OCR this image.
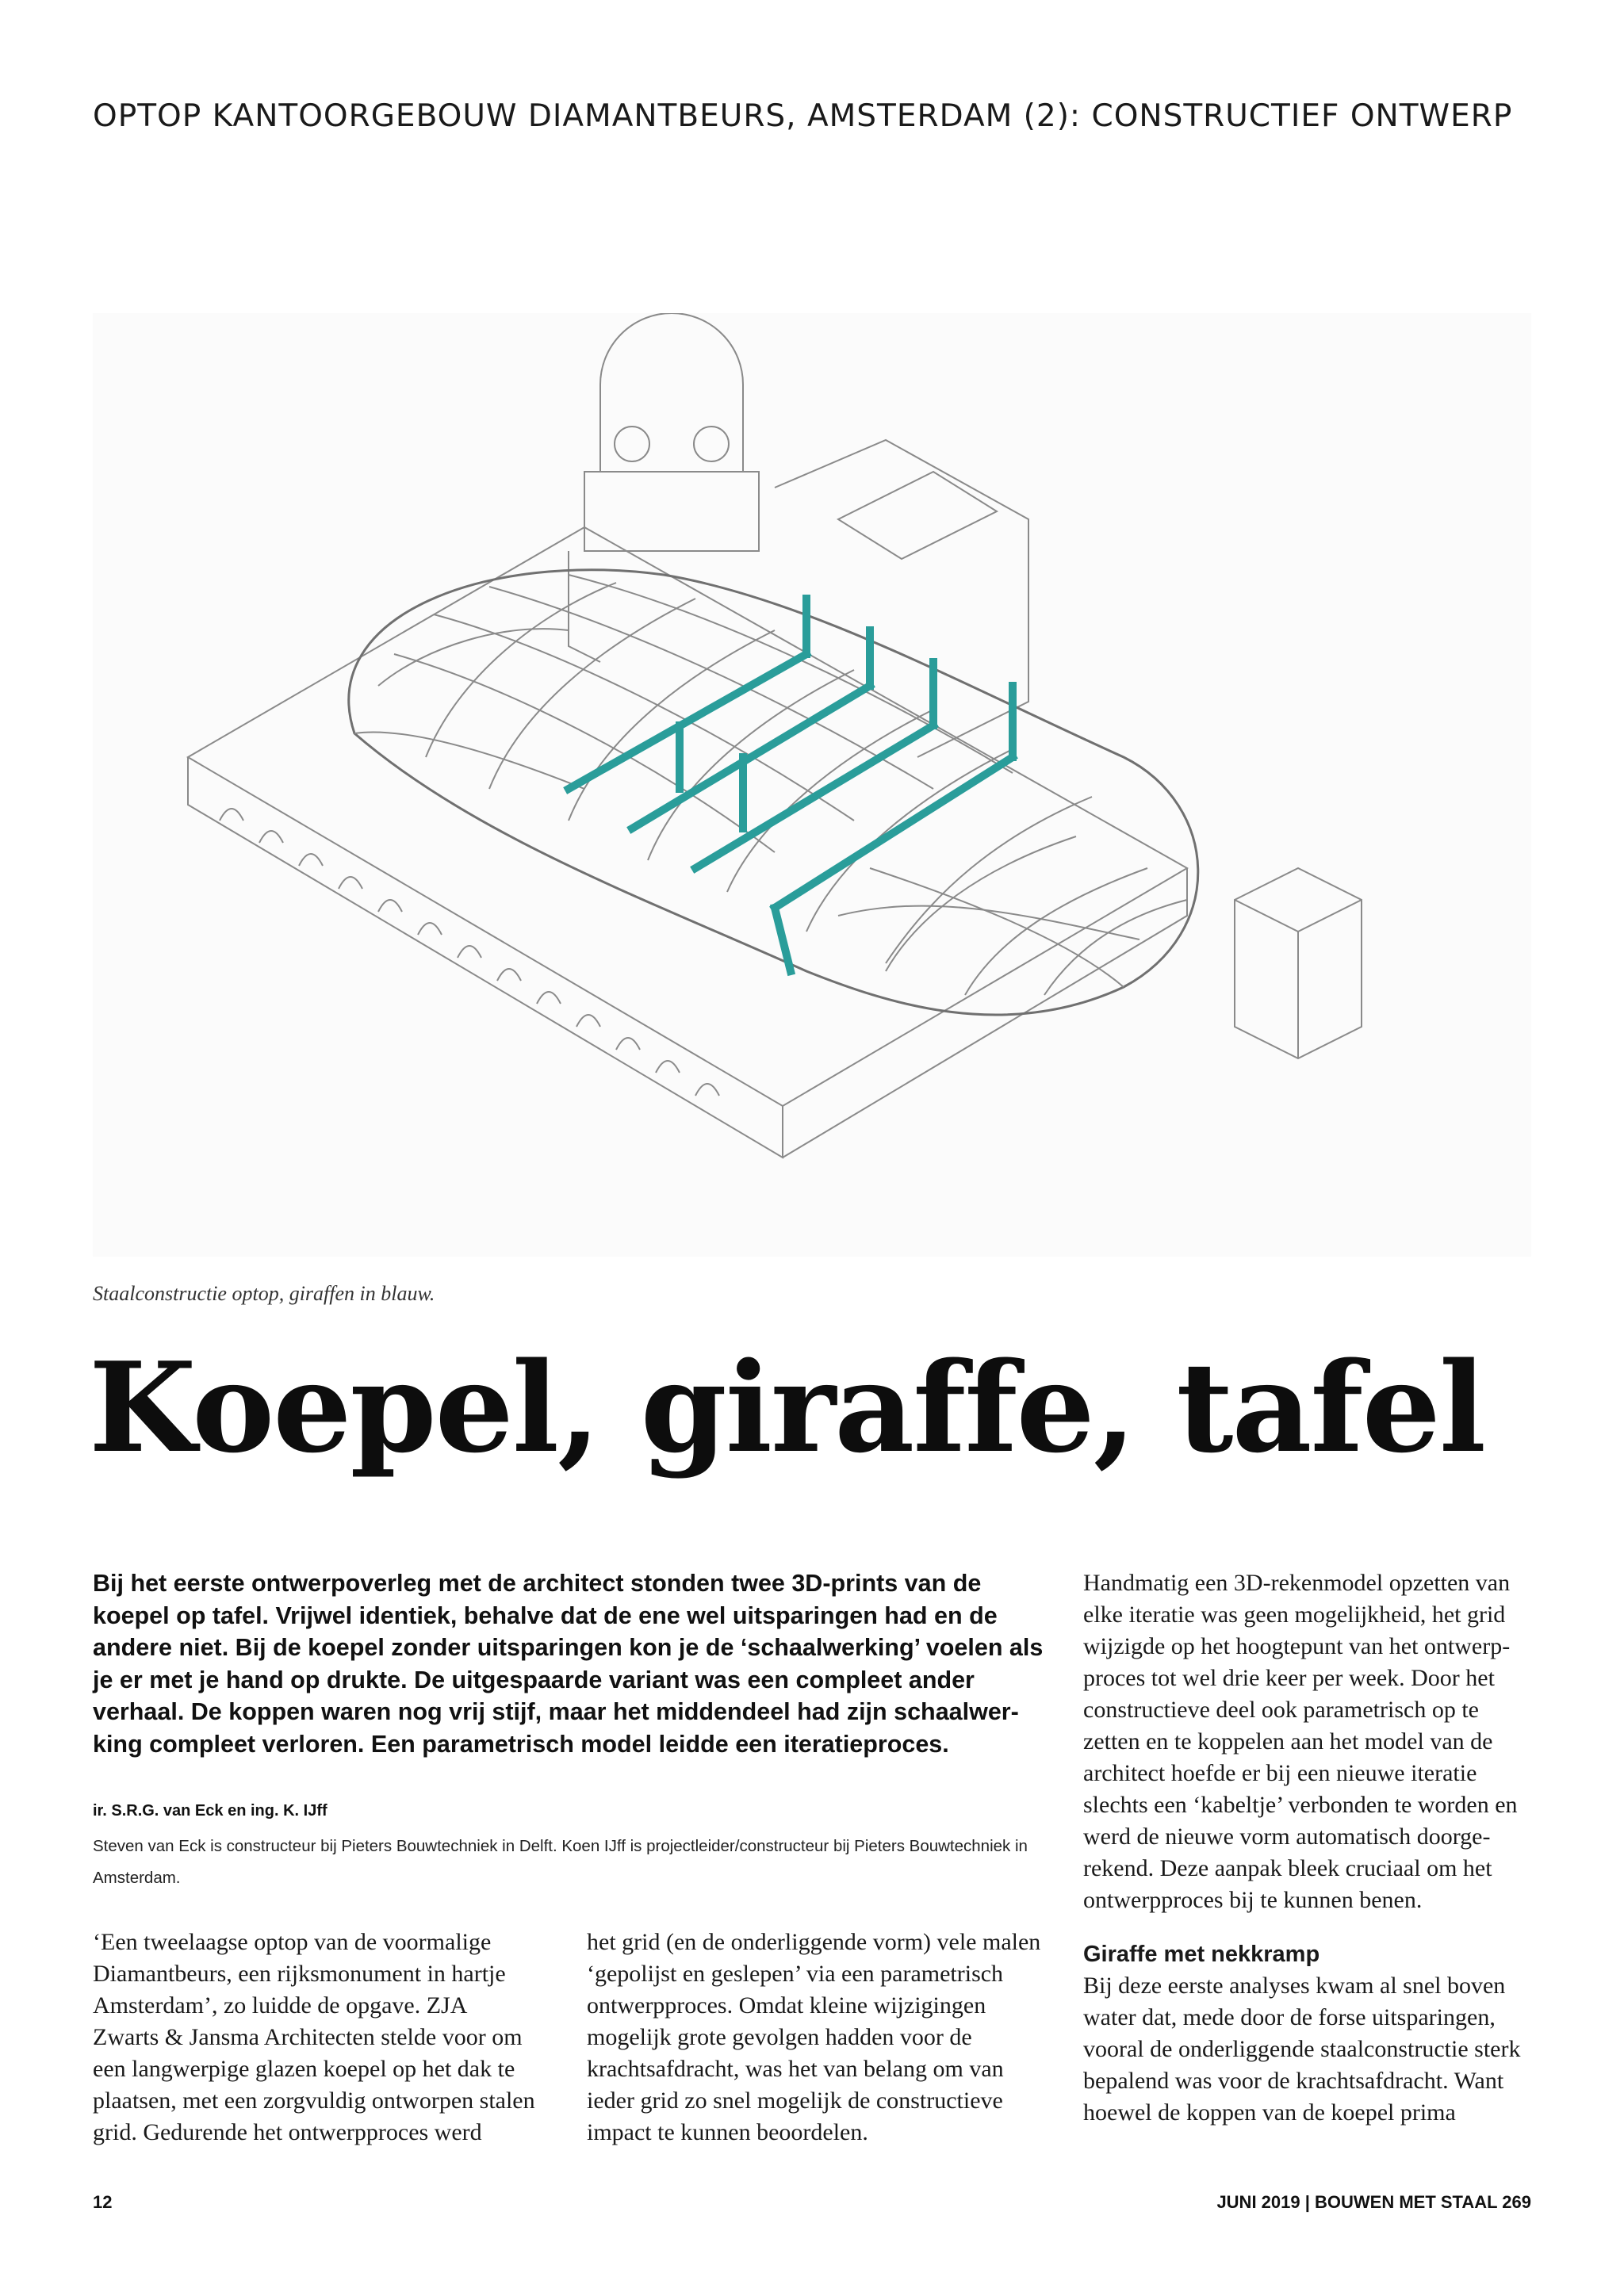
OPTOP KANTOORGEBOUW DIAMANTBEURS, AMSTERDAM (2): CONSTRUCTIEF ONTWERP
Staalconstructie optop, giraffen in blauw.
Koepel, giraffe, tafel
Bij het eerste ontwerpoverleg met de architect stonden twee 3D-prints van de koepel op tafel. Vrijwel identiek, behalve dat de ene wel uitsparingen had en de andere niet. Bij de koepel zonder uitsparingen kon je de ‘schaalwerking’ voelen als je er met je hand op drukte. De uitgespaarde variant was een compleet ander verhaal. De koppen waren nog vrij stijf, maar het middendeel had zijn schaalwerking compleet verloren. Een parametrisch model leidde een iteratieproces.
ir. S.R.G. van Eck en ing. K. IJff
Steven van Eck is constructeur bij Pieters Bouwtechniek in Delft. Koen IJff is projectleider/constructeur bij Pieters Bouwtechniek in Amsterdam.

‘Een tweelaagse optop van de voormalige Diamantbeurs, een rijksmonument in hartje Amsterdam’, zo luidde de opgave. ZJA Zwarts & Jansma Architecten stelde voor om een langwerpige glazen koepel op het dak te plaatsen, met een zorgvuldig ontworpen stalen grid. Gedurende het ontwerpproces werd

het grid (en de onderliggende vorm) vele malen ‘gepolijst en geslepen’ via een parametrisch ontwerpproces. Omdat kleine wijzigingen mogelijk grote gevolgen hadden voor de krachtsafdracht, was het van belang om van ieder grid zo snel mogelijk de constructieve impact te kunnen beoordelen.

Handmatig een 3D-rekenmodel opzetten van elke iteratie was geen mogelijkheid, het grid wijzigde op het hoogtepunt van het ontwerpproces tot wel drie keer per week. Door het constructieve deel ook parametrisch op te zetten en te koppelen aan het model van de architect hoefde er bij een nieuwe iteratie slechts een ‘kabeltje’ verbonden te worden en werd de nieuwe vorm automatisch doorgerekend. Deze aanpak bleek cruciaal om het ontwerpproces bij te kunnen benen.

Giraffe met nekkramp

Bij deze eerste analyses kwam al snel boven water dat, mede door de forse uitsparingen, vooral de onderliggende staalconstructie sterk bepalend was voor de krachtsafdracht. Want hoewel de koppen van de koepel prima

12	JUNI 2019 | BOUWEN MET STAAL 269
